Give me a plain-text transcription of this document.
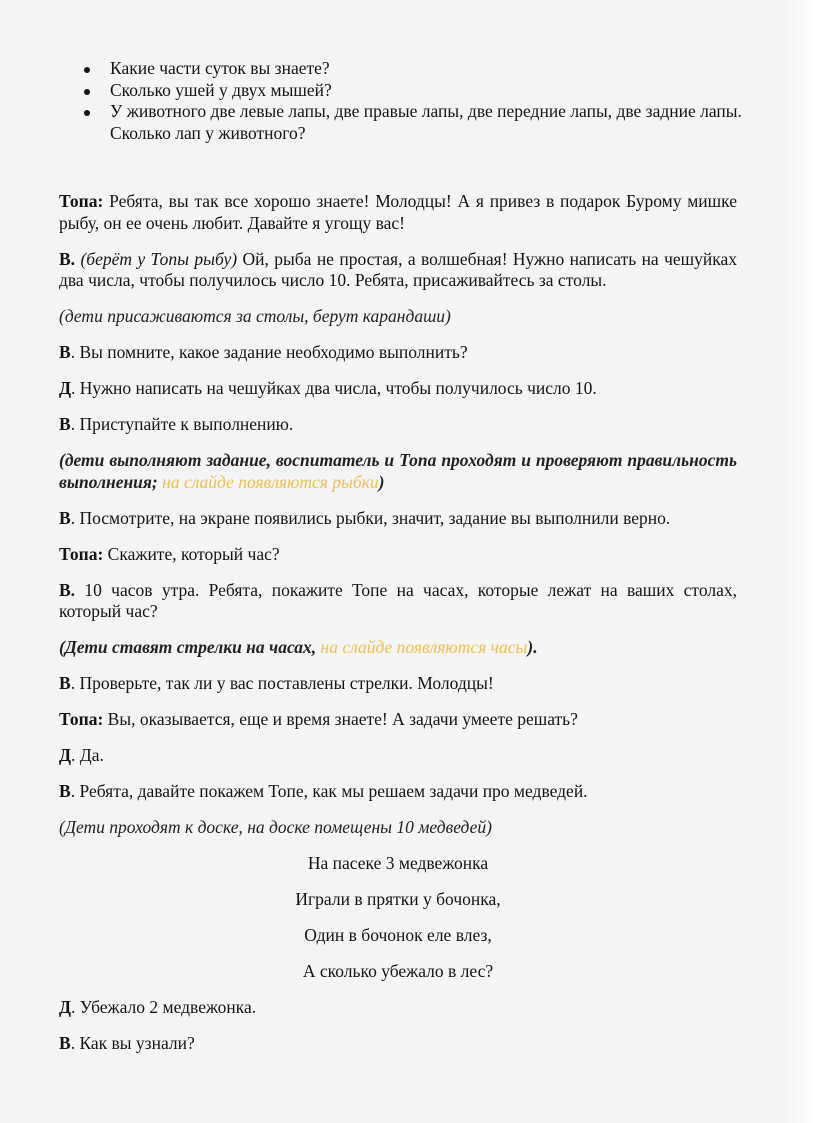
Какие части суток вы знаете?
Сколько ушей у двух мышей?
У животного две левые лапы, две правые лапы, две передние лапы, две задние лапы. Сколько лап у животного?

Топа: Ребята, вы так все хорошо знаете! Молодцы! А я привез в подарок Бурому мишке рыбу, он ее очень любит. Давайте я угощу вас!

В. (берёт у Топы рыбу) Ой, рыба не простая, а волшебная! Нужно написать на чешуйках два числа, чтобы получилось число 10. Ребята, присаживайтесь за столы.

(дети присаживаются за столы, берут карандаши)

В. Вы помните, какое задание необходимо выполнить?

Д. Нужно написать на чешуйках два числа, чтобы получилось число 10.

В. Приступайте к выполнению.

(дети выполняют задание, воспитатель и Топа проходят и проверяют правильность выполнения; на слайде появляются рыбки)

В. Посмотрите, на экране появились рыбки, значит, задание вы выполнили верно.

Топа: Скажите, который час?

В. 10 часов утра. Ребята, покажите Топе на часах, которые лежат на ваших столах, который час?

(Дети ставят стрелки на часах, на слайде появляются часы).

В. Проверьте, так ли у вас поставлены стрелки. Молодцы!

Топа: Вы, оказывается, еще и время знаете! А задачи умеете решать?

Д. Да.

В. Ребята, давайте покажем Топе, как мы решаем задачи про медведей.

(Дети проходят к доске, на доске помещены 10 медведей)

На пасеке 3 медвежонка

Играли в прятки у бочонка,

Один в бочонок еле влез,

А сколько убежало в лес?

Д. Убежало 2 медвежонка.

В. Как вы узнали?
